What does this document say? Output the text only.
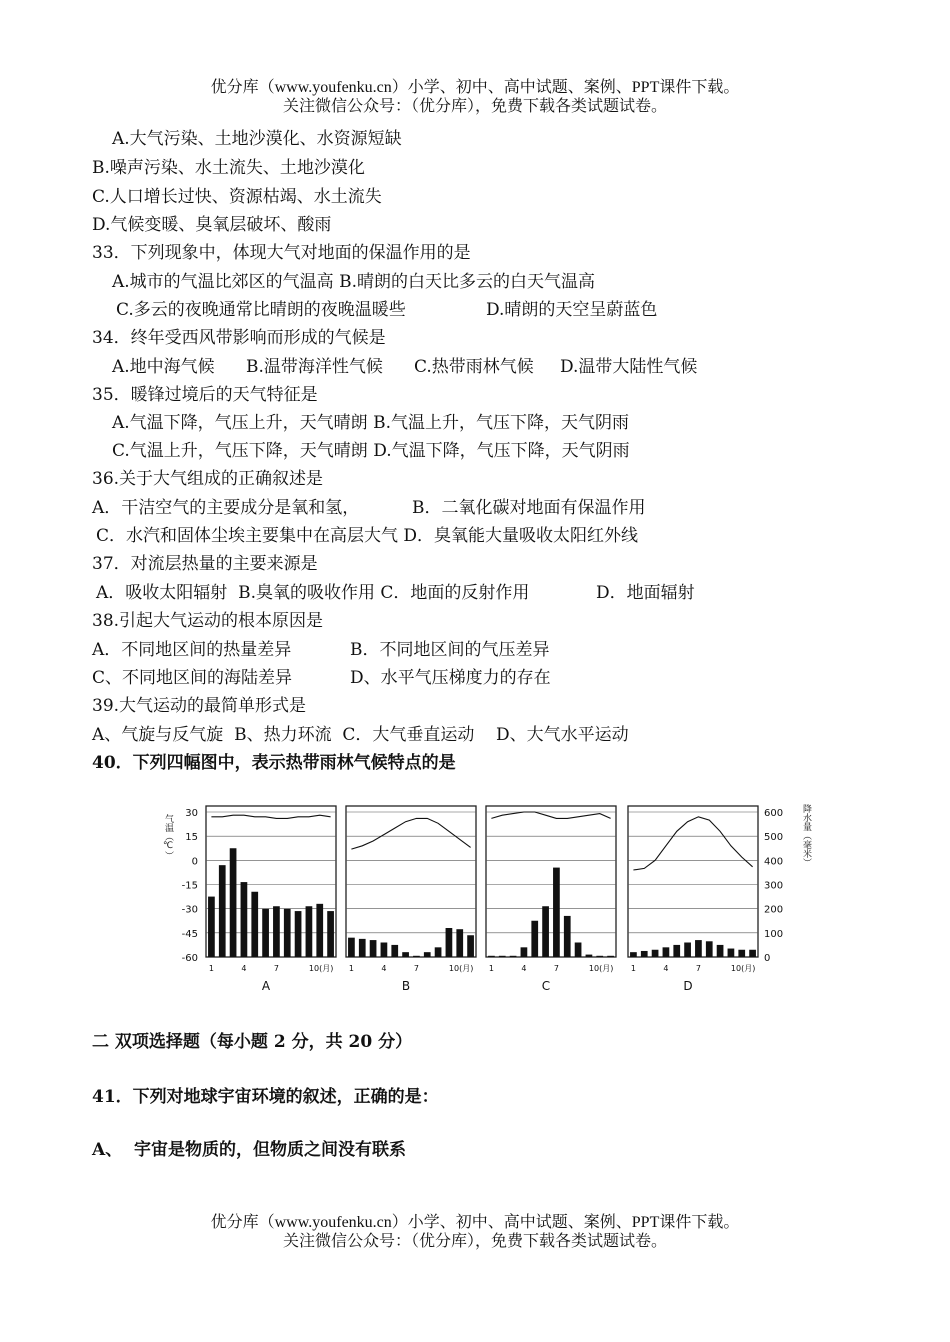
优分库（www.youfenku.cn）小学、初中、高中试题、案例、PPT课件下载。
关注微信公众号：（优分库），免费下载各类试题试卷。
A.大气污染、土地沙漠化、水资源短缺
B.噪声污染、水土流失、土地沙漠化
C.人口增长过快、资源枯竭、水土流失
D.气候变暖、臭氧层破坏、酸雨
33．下列现象中，体现大气对地面的保温作用的是
A.城市的气温比郊区的气温高 B.晴朗的白天比多云的白天气温高
C.多云的夜晚通常比晴朗的夜晚温暖些	D.晴朗的天空呈蔚蓝色
34．终年受西风带影响而形成的气候是
A.地中海气候 B.温带海洋性气候 C.热带雨林气候 D.温带大陆性气候
35．暖锋过境后的天气特征是
A.气温下降，气压上升，天气晴朗 B.气温上升，气压下降，天气阴雨
C.气温上升，气压下降，天气晴朗 D.气温下降，气压下降，天气阴雨
36.关于大气组成的正确叙述是
A．干洁空气的主要成分是氧和氢，	B．二氧化碳对地面有保温作用
C．水汽和固体尘埃主要集中在高层大气 D．臭氧能大量吸收太阳红外线
37．对流层热量的主要来源是
A．吸收太阳辐射  B.臭氧的吸收作用 C．地面的反射作用	D．地面辐射
38.引起大气运动的根本原因是
A．不同地区间的热量差异	B．不同地区间的气压差异
C、不同地区间的海陆差异	D、水平气压梯度力的存在
39.大气运动的最简单形式是
A、气旋与反气旋  B、热力环流  C．大气垂直运动    D、大气水平运动
40．下列四幅图中，表示热带雨林气候特点的是
气温（℃）	降水量（毫米）
30
15
0
-15
-30
-45
-60
600
500
400
300
200
100
0
1	4	7	10(月)
A
1	4	7	10(月)
B
1	4	7	10(月)
C
1	4	7	10(月)
D
二 双项选择题（每小题 2 分，共 20 分）
41．下列对地球宇宙环境的叙述，正确的是：
A、  宇宙是物质的，但物质之间没有联系
优分库（www.youfenku.cn）小学、初中、高中试题、案例、PPT课件下载。
关注微信公众号：（优分库），免费下载各类试题试卷。
